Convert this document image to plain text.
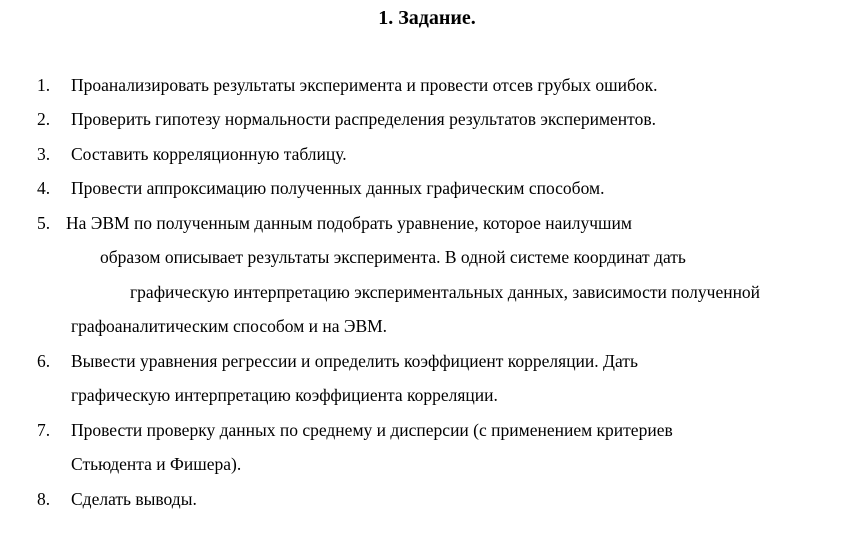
1. Задание.
1. Проанализировать результаты эксперимента и провести отсев грубых ошибок.
2. Проверить гипотезу нормальности распределения результатов экспериментов.
3. Составить корреляционную таблицу.
4. Провести аппроксимацию полученных данных графическим способом.
5. На ЭВМ по полученным данным подобрать уравнение, которое наилучшим
образом описывает результаты эксперимента. В одной системе координат дать
графическую интерпретацию экспериментальных данных, зависимости полученной
графоаналитическим способом и на ЭВМ.
6. Вывести уравнения регрессии и определить коэффициент корреляции. Дать
графическую интерпретацию коэффициента корреляции.
7. Провести проверку данных по среднему и дисперсии (с применением критериев
Стьюдента и Фишера).
8. Сделать выводы.
